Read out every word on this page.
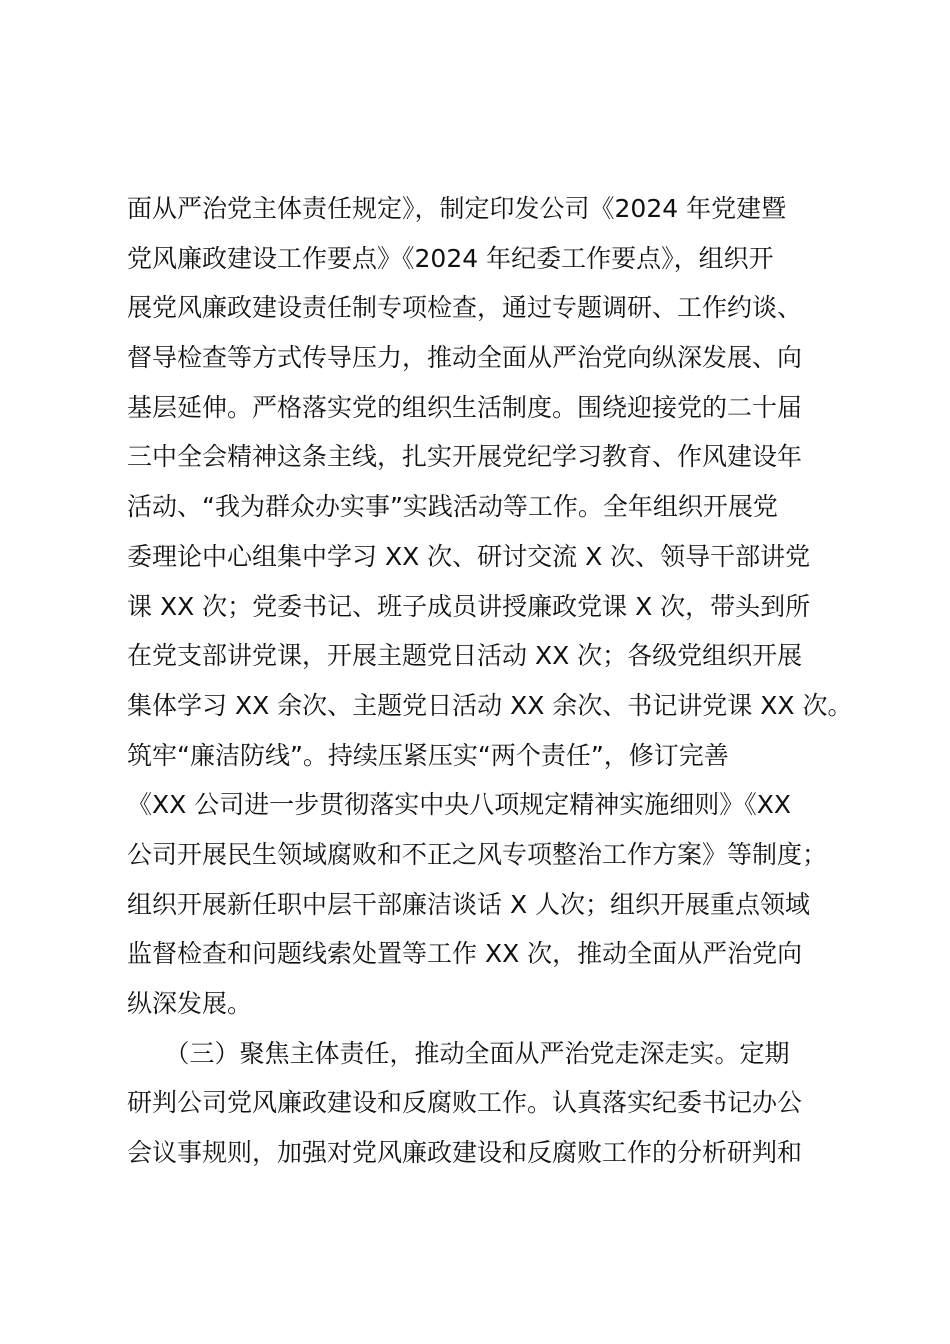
面从严治党主体责任规定》，制定印发公司《2024 年党建暨
党风廉政建设工作要点》《2024 年纪委工作要点》，组织开
展党风廉政建设责任制专项检查，通过专题调研、工作约谈、
督导检查等方式传导压力，推动全面从严治党向纵深发展、向
基层延伸。严格落实党的组织生活制度。围绕迎接党的二十届
三中全会精神这条主线，扎实开展党纪学习教育、作风建设年
活动、“我为群众办实事”实践活动等工作。全年组织开展党
委理论中心组集中学习 XX 次、研讨交流 X 次、领导干部讲党
课 XX 次；党委书记、班子成员讲授廉政党课 X 次，带头到所
在党支部讲党课，开展主题党日活动 XX 次；各级党组织开展
集体学习 XX 余次、主题党日活动 XX 余次、书记讲党课 XX 次。
筑牢“廉洁防线”。持续压紧压实“两个责任”，修订完善
《XX 公司进一步贯彻落实中央八项规定精神实施细则》《XX
公司开展民生领域腐败和不正之风专项整治工作方案》等制度；
组织开展新任职中层干部廉洁谈话 X 人次；组织开展重点领域
监督检查和问题线索处置等工作 XX 次，推动全面从严治党向
纵深发展。
　　（三）聚焦主体责任，推动全面从严治党走深走实。定期
研判公司党风廉政建设和反腐败工作。认真落实纪委书记办公
会议事规则，加强对党风廉政建设和反腐败工作的分析研判和
